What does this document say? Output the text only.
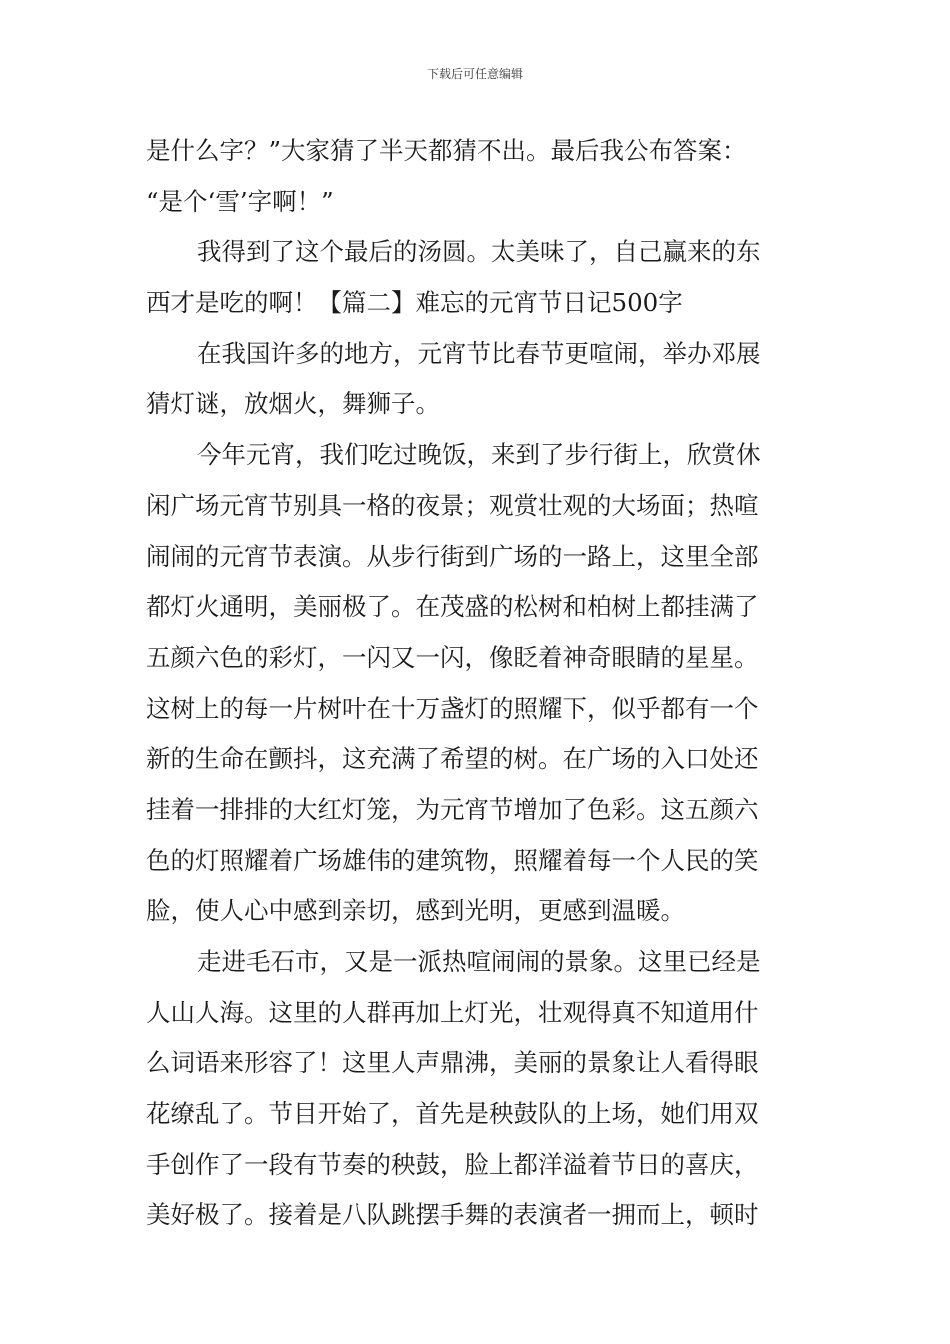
下载后可任意编辑
是什么字？”大家猜了半天都猜不出。最后我公布答案：
“是个‘雪’字啊！”
我得到了这个最后的汤圆。太美味了，自己赢来的东
西才是吃的啊！【篇二】难忘的元宵节日记500字
在我国许多的地方，元宵节比春节更喧闹，举办邓展
猜灯谜，放烟火，舞狮子。
今年元宵，我们吃过晚饭，来到了步行街上，欣赏休
闲广场元宵节别具一格的夜景；观赏壮观的大场面；热喧
闹闹的元宵节表演。从步行街到广场的一路上，这里全部
都灯火通明，美丽极了。在茂盛的松树和柏树上都挂满了
五颜六色的彩灯，一闪又一闪，像眨着神奇眼睛的星星。
这树上的每一片树叶在十万盏灯的照耀下，似乎都有一个
新的生命在颤抖，这充满了希望的树。在广场的入口处还
挂着一排排的大红灯笼，为元宵节增加了色彩。这五颜六
色的灯照耀着广场雄伟的建筑物，照耀着每一个人民的笑
脸，使人心中感到亲切，感到光明，更感到温暖。
走进毛石市，又是一派热喧闹闹的景象。这里已经是
人山人海。这里的人群再加上灯光，壮观得真不知道用什
么词语来形容了！这里人声鼎沸，美丽的景象让人看得眼
花缭乱了。节目开始了，首先是秧鼓队的上场，她们用双
手创作了一段有节奏的秧鼓，脸上都洋溢着节日的喜庆，
美好极了。接着是八队跳摆手舞的表演者一拥而上，顿时
